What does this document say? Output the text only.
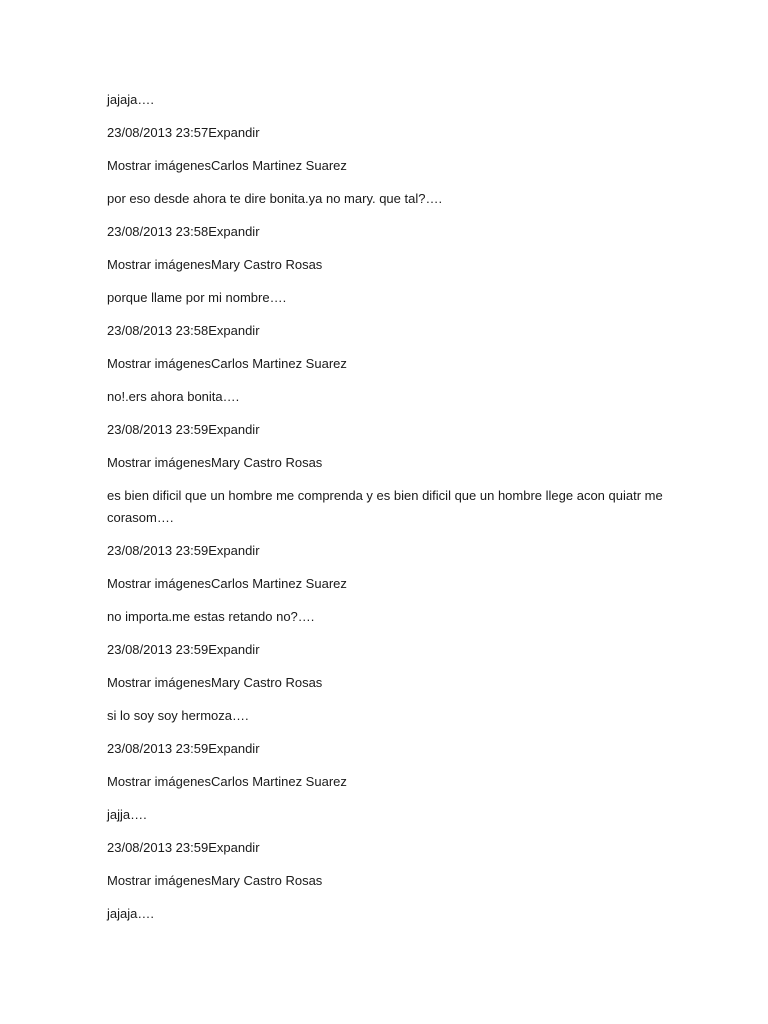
jajaja….

23/08/2013 23:57Expandir

Mostrar imágenesCarlos Martinez Suarez

por eso desde ahora te dire bonita.ya no mary. que tal?….

23/08/2013 23:58Expandir

Mostrar imágenesMary Castro Rosas

porque llame por mi nombre….

23/08/2013 23:58Expandir

Mostrar imágenesCarlos Martinez Suarez

no!.ers ahora bonita….

23/08/2013 23:59Expandir

Mostrar imágenesMary Castro Rosas

es bien dificil que un hombre me comprenda y es bien dificil que un hombre llege acon quiatr me corasom….

23/08/2013 23:59Expandir

Mostrar imágenesCarlos Martinez Suarez

no importa.me estas retando no?….

23/08/2013 23:59Expandir

Mostrar imágenesMary Castro Rosas

si lo soy soy hermoza….

23/08/2013 23:59Expandir

Mostrar imágenesCarlos Martinez Suarez

jajja….

23/08/2013 23:59Expandir

Mostrar imágenesMary Castro Rosas

jajaja….
